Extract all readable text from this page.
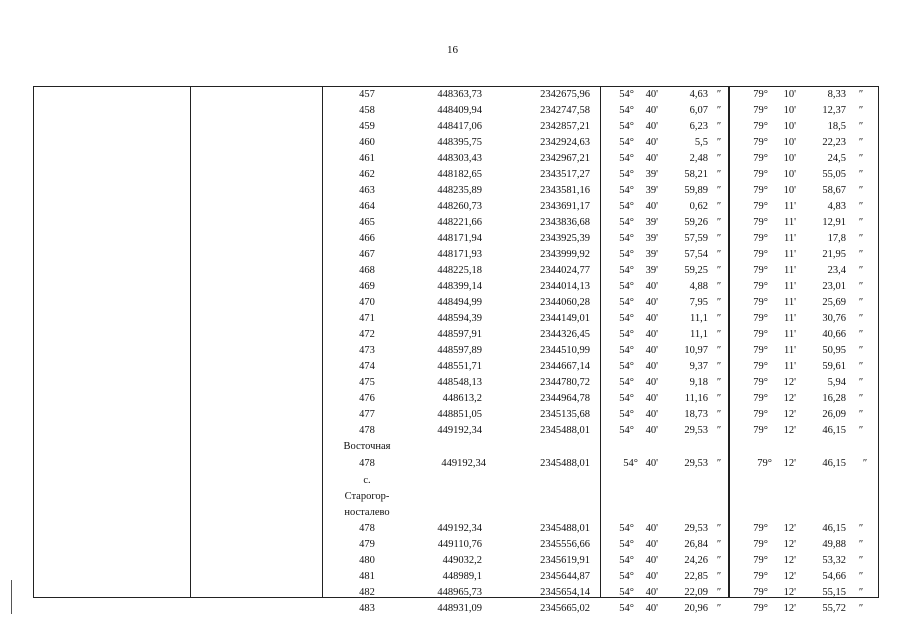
16
457	448363,73	2342675,96	54°	40'	4,63 ″	79°	10'	8,33	″
458	448409,94	2342747,58	54°	40'	6,07 ″	79°	10'	12,37	″
459	448417,06	2342857,21	54°	40'	6,23 ″	79°	10'	18,5	″
460	448395,75	2342924,63	54°	40'	5,5 ″	79°	10'	22,23	″
461	448303,43	2342967,21	54°	40'	2,48 ″	79°	10'	24,5	″
462	448182,65	2343517,27	54°	39'	58,21 ″	79°	10'	55,05	″
463	448235,89	2343581,16	54°	39'	59,89 ″	79°	10'	58,67	″
464	448260,73	2343691,17	54°	40'	0,62 ″	79°	11'	4,83	″
465	448221,66	2343836,68	54°	39'	59,26 ″	79°	11'	12,91	″
466	448171,94	2343925,39	54°	39'	57,59 ″	79°	11'	17,8	″
467	448171,93	2343999,92	54°	39'	57,54 ″	79°	11'	21,95	″
468	448225,18	2344024,77	54°	39'	59,25 ″	79°	11'	23,4	″
469	448399,14	2344014,13	54°	40'	4,88 ″	79°	11'	23,01	″
470	448494,99	2344060,28	54°	40'	7,95 ″	79°	11'	25,69	″
471	448594,39	2344149,01	54°	40'	11,1 ″	79°	11'	30,76	″
472	448597,91	2344326,45	54°	40'	11,1 ″	79°	11'	40,66	″
473	448597,89	2344510,99	54°	40'	10,97 ″	79°	11'	50,95	″
474	448551,71	2344667,14	54°	40'	9,37 ″	79°	11'	59,61	″
475	448548,13	2344780,72	54°	40'	9,18 ″	79°	12'	5,94	″
476	448613,2	2344964,78	54°	40'	11,16 ″	79°	12'	16,28	″
477	448851,05	2345135,68	54°	40'	18,73 ″	79°	12'	26,09	″
478	449192,34	2345488,01	54°	40'	29,53 ″	79°	12'	46,15	″
Восточная
478	449192,34	2345488,01	54° 40'	29,53 ″	79°	12'	46,15	″
с.
Старогор-
носталево
478	449192,34	2345488,01	54°	40'	29,53 ″	79°	12'	46,15	″
479	449110,76	2345556,66	54°	40'	26,84 ″	79°	12'	49,88	″
480	449032,2	2345619,91	54°	40'	24,26 ″	79°	12'	53,32	″
481	448989,1	2345644,87	54°	40'	22,85 ″	79°	12'	54,66	″
482	448965,73	2345654,14	54°	40'	22,09 ″	79°	12'	55,15	″
483	448931,09	2345665,02	54°	40'	20,96 ″	79°	12'	55,72	″
